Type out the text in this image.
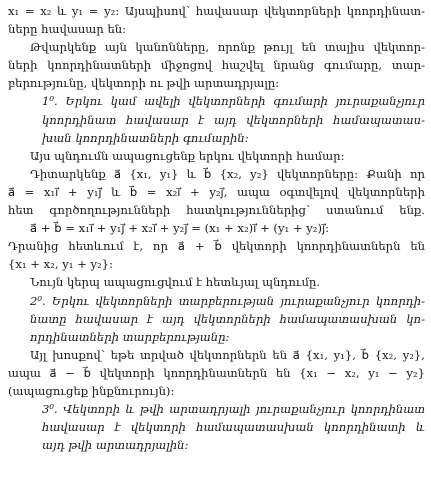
x₁ = x₂ և y₁ = y₂: Այսպիսով՝ հավասար վեկտորների կոորդինատ-
ները հավասար են:
Թվարկենք այն կանոնները, որոնք թույլ են տալիս վեկտոր-
ների կոորդինատների միջոցով հաշվել նրանց գումարը, տար-
բերությունը, վեկտորի ու թվի արտադրյալը:
1⁰. Երկու կամ ավելի վեկտորների գումարի յուրաքանչյուր
կոորդինատ հավասար է այդ վեկտորների համապատաս-
խան կոորդինատների գումարին:
Այս պնդումն ապացուցենք երկու վեկտորի համար:
Դիտարկենք a⃗ {x₁, y₁} և b⃗ {x₂, y₂} վեկտորները: Քանի որ
a⃗ = x₁i⃗ + y₁j⃗ և b⃗ = x₂i⃗ + y₂j⃗, ապա օգտվելով վեկտորների
հետ գործողությունների հատկություններից՝ ստանում ենք.
a⃗ + b⃗ = x₁i⃗ + y₁j⃗ + x₂i⃗ + y₂j⃗ = (x₁ + x₂)i⃗ + (y₁ + y₂)j⃗:
Դրանից հետևում է, որ a⃗ + b⃗ վեկտորի կոորդինատներն են
{x₁ + x₂, y₁ + y₂}:
Նույն կերպ ապացուցվում է հետևյալ պնդումը.
2⁰. Երկու վեկտորների տարբերության յուրաքանչյուր կոորդի-
նատը հավասար է այդ վեկտորների համապատասխան կո-
որդինատների տարբերությանը:
Այլ խոսքով՝ եթե տրված վեկտորներն են a⃗ {x₁, y₁}, b⃗ {x₂, y₂},
ապա a⃗ − b⃗ վեկտորի կոորդինատներն են {x₁ − x₂, y₁ − y₂}
(ապացուցեք ինքնուրույն):
3⁰. Վեկտորի և թվի արտադրյալի յուրաքանչյուր կոորդինատ
հավասար է վեկտորի համապատասխան կոորդինատի և
այդ թվի արտադրյալին:
